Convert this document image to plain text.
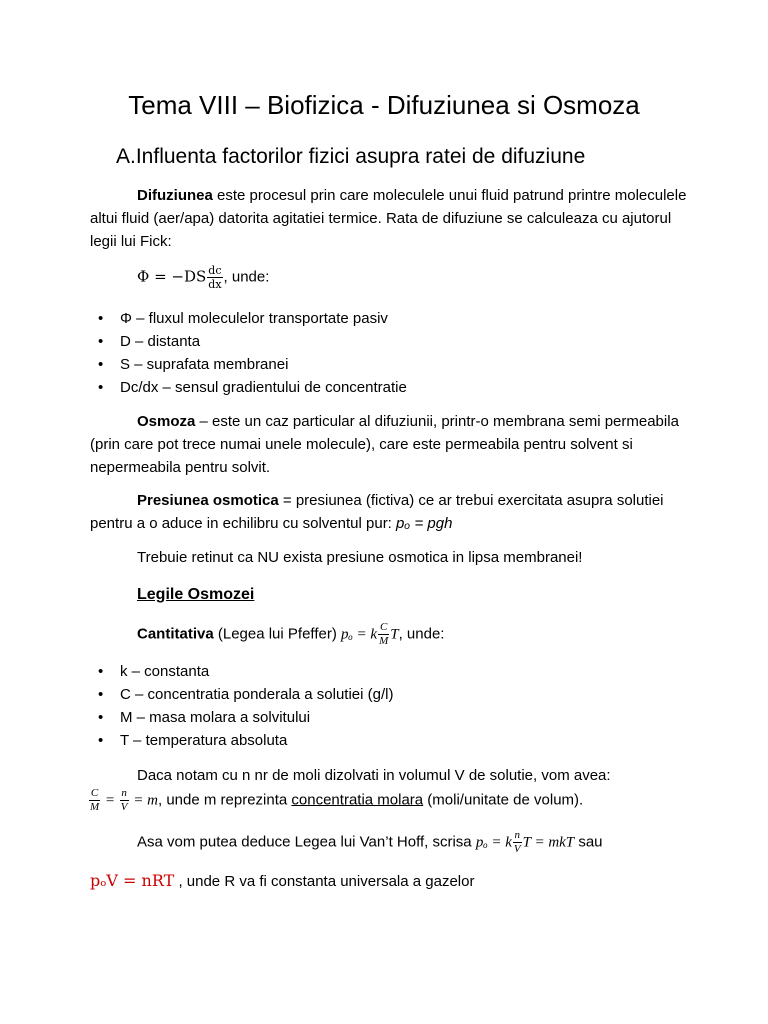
Tema VIII – Biofizica - Difuziunea si Osmoza
A.Influenta factorilor fizici asupra ratei de difuziune
Difuziunea este procesul prin care moleculele unui fluid patrund printre moleculele altui fluid (aer/apa) datorita agitatiei termice. Rata de difuziune se calculeaza cu ajutorul legii lui Fick:
$\Phi = -DS \frac{dc}{dx}$ , unde:
• Φ – fluxul moleculelor transportate pasiv
• D – distanta
• S – suprafata membranei
• Dc/dx – sensul gradientului de concentratie
Osmoza – este un caz particular al difuziunii, printr-o membrana semi permeabila (prin care pot trece numai unele molecule), care este permeabila pentru solvent si nepermeabila pentru solvit.
Presiunea osmotica = presiunea (fictiva) ce ar trebui exercitata asupra solutiei pentru a o aduce in echilibru cu solventul pur: pₒ = pgh
Trebuie retinut ca NU exista presiune osmotica in lipsa membranei!
Legile Osmozei
Cantitativa (Legea lui Pfeffer) pₒ = k $\frac{C}{M} T$, unde:
• k – constanta
• C – concentratia ponderala a solutiei (g/l)
• M – masa molara a solvitului
• T – temperatura absoluta
Daca notam cu n nr de moli dizolvati in volumul V de solutie, vom avea:
$\frac{C}{M} = \frac{n}{V} = m$, unde m reprezinta concentratia molara (moli/unitate de volum).
Asa vom putea deduce Legea lui Van’t Hoff, scrisa pₒ = k $\frac{n}{V}$ T = mkT sau
pₒV = nRT , unde R va fi constanta universala a gazelor
